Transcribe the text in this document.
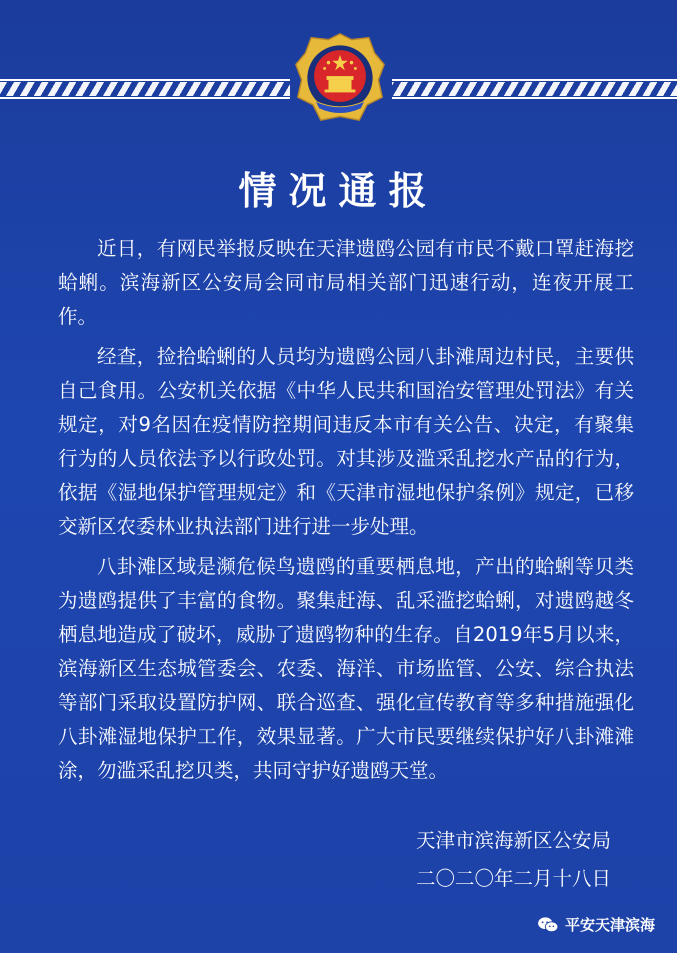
情况通报

近日，有网民举报反映在天津遗鸥公园有市民不戴口罩赶海挖蛤蜊。滨海新区公安局会同市局相关部门迅速行动，连夜开展工作。

经查，捡拾蛤蜊的人员均为遗鸥公园八卦滩周边村民，主要供自己食用。公安机关依据《中华人民共和国治安管理处罚法》有关规定，对9名因在疫情防控期间违反本市有关公告、决定，有聚集行为的人员依法予以行政处罚。对其涉及滥采乱挖水产品的行为，依据《湿地保护管理规定》和《天津市湿地保护条例》规定，已移交新区农委林业执法部门进行进一步处理。

八卦滩区域是濒危候鸟遗鸥的重要栖息地，产出的蛤蜊等贝类为遗鸥提供了丰富的食物。聚集赶海、乱采滥挖蛤蜊，对遗鸥越冬栖息地造成了破坏，威胁了遗鸥物种的生存。自2019年5月以来，滨海新区生态城管委会、农委、海洋、市场监管、公安、综合执法等部门采取设置防护网、联合巡查、强化宣传教育等多种措施强化八卦滩湿地保护工作，效果显著。广大市民要继续保护好八卦滩滩涂，勿滥采乱挖贝类，共同守护好遗鸥天堂。

天津市滨海新区公安局
二〇二〇年二月十八日
平安天津滨海
